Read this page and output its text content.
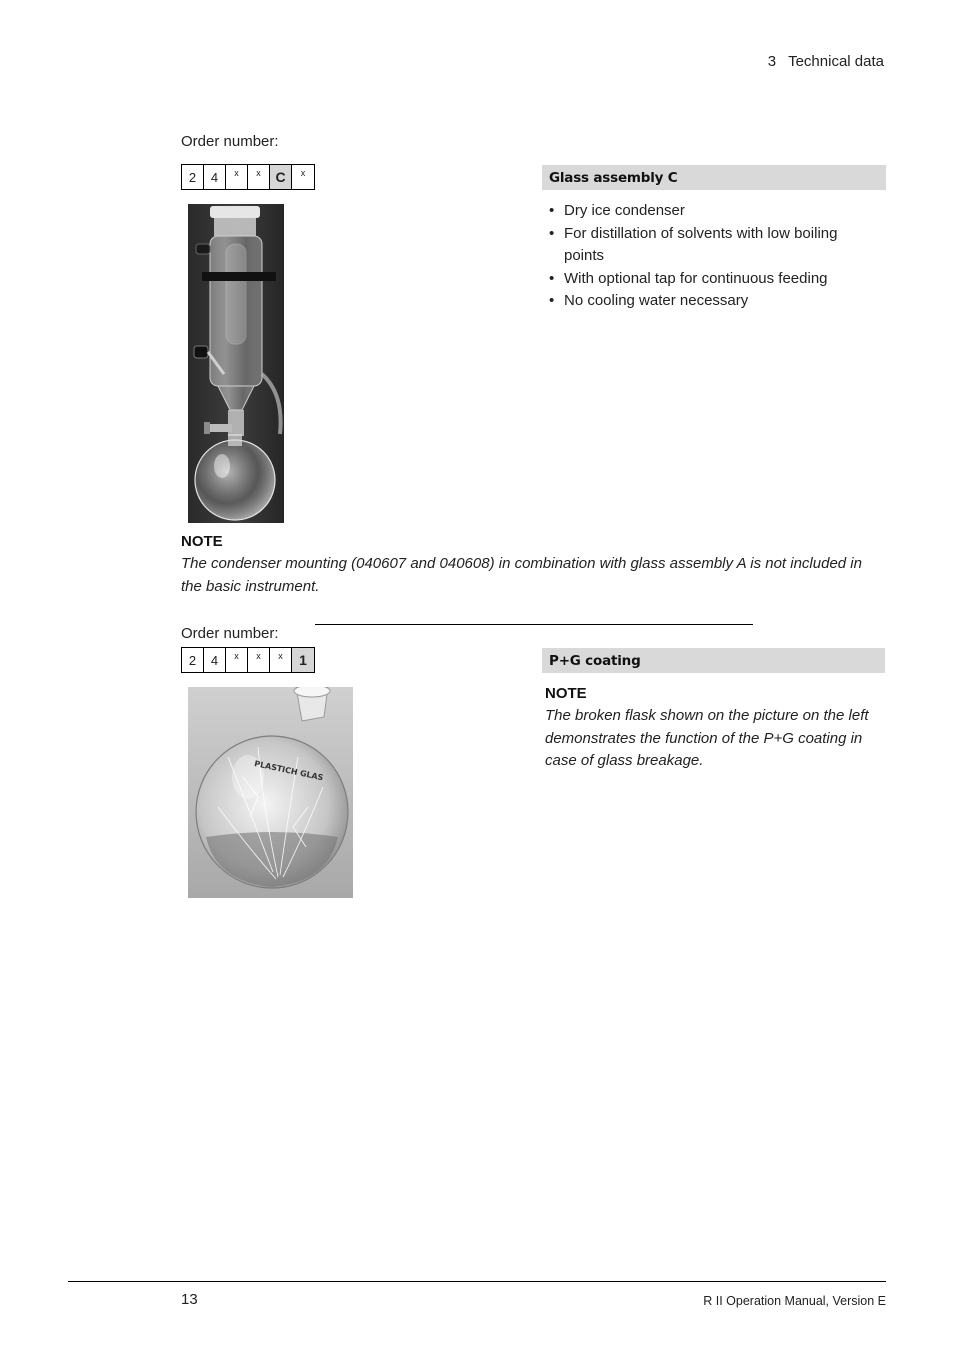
3 Technical data
Order number:
2	4	x	x	C	x	Glass assembly C
• Dry ice condenser
• For distillation of solvents with low boiling points
• With optional tap for continuous feeding
• No cooling water necessary
NOTE
The condenser mounting (040607 and 040608) in combination with glass assembly A is not included in the basic instrument.
Order number:
2	4	x	x	x	1	P+G coating
NOTE
The broken flask shown on the picture on the left demonstrates the function of the P+G coating in case of glass breakage.
PLASTICH GLAS
13	R II Operation Manual, Version E
